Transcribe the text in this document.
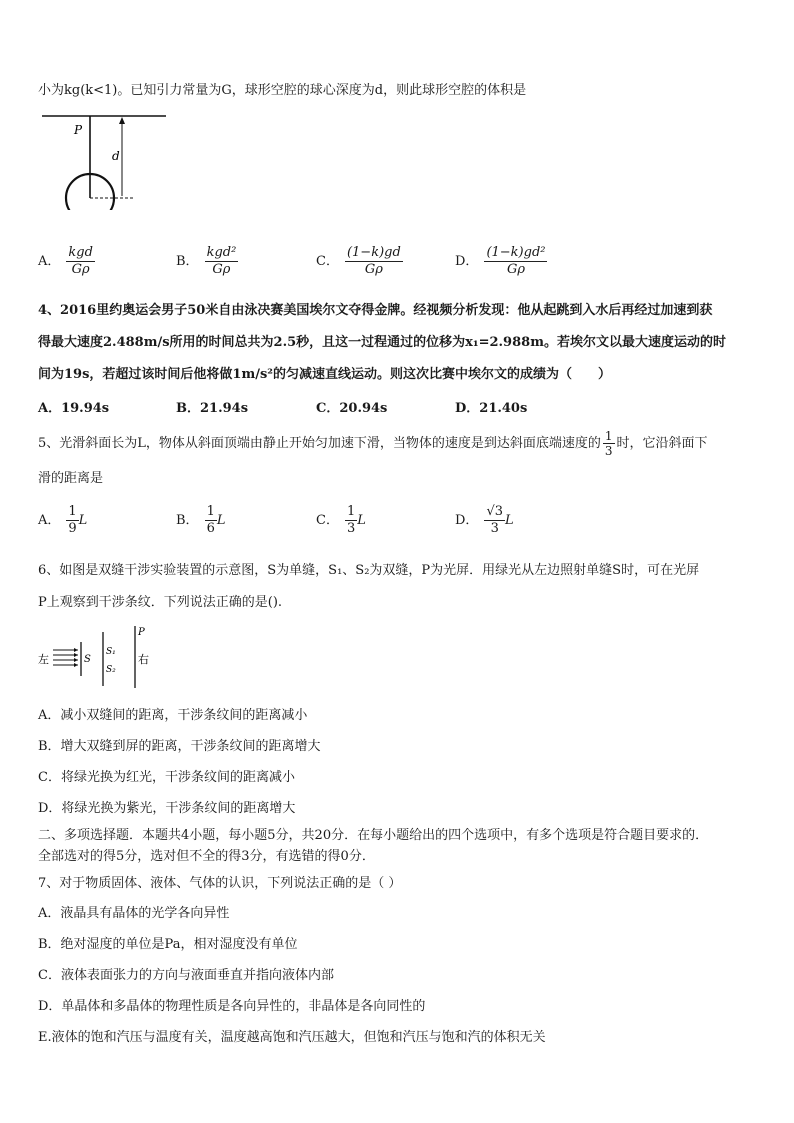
小为kg(k<1)。已知引力常量为G，球形空腔的球心深度为d，则此球形空腔的体积是
P
d
A． $\frac{\text{kgd}}{G\rho}$	B． $\frac{\text{kgd²}}{G\rho}$	C． $\frac{(1-k)gd}{G\rho}$	D． $\frac{\text{(1−k)gd²}}{G\rho}$
4、2016里约奥运会男子50米自由泳决赛美国埃尔文夺得金牌。经视频分析发现：他从起跳到入水后再经过加速到获
得最大速度2.488m/s所用的时间总共为2.5秒，且这一过程通过的位移为x₁=2.988m。若埃尔文以最大速度运动的时
间为19s，若超过该时间后他将做1m/s²的匀减速直线运动。则这次比赛中埃尔文的成绩为（　　）
A．19.94s	B．21.94s	C．20.94s	D．21.40s
5、光滑斜面长为L，物体从斜面顶端由静止开始匀加速下滑，当物体的速度是到达斜面底端速度的 $\frac{1}{3}$ 时，它沿斜面下
滑的距离是
A． $\frac{1}{9}$ L	B． $\frac{1}{6}$ L	C． $\frac{1}{3}$ L	D． $\frac{√3}{3}$ L
6、如图是双缝干涉实验装置的示意图，S为单缝，S₁、S₂为双缝，P为光屏．用绿光从左边照射单缝S时，可在光屏
P上观察到干涉条纹．下列说法正确的是().
左	S
S₁
S₂
P
右
A．减小双缝间的距离，干涉条纹间的距离减小
B．增大双缝到屏的距离，干涉条纹间的距离增大
C．将绿光换为红光，干涉条纹间的距离减小
D．将绿光换为紫光，干涉条纹间的距离增大
二、多项选择题．本题共4小题，每小题5分，共20分．在每小题给出的四个选项中，有多个选项是符合题目要求的．
全部选对的得5分，选对但不全的得3分，有选错的得0分．
7、对于物质固体、液体、气体的认识，下列说法正确的是（ ）
A．液晶具有晶体的光学各向异性
B．绝对湿度的单位是Pa，相对湿度没有单位
C．液体表面张力的方向与液面垂直并指向液体内部
D．单晶体和多晶体的物理性质是各向异性的，非晶体是各向同性的
E.液体的饱和汽压与温度有关，温度越高饱和汽压越大，但饱和汽压与饱和汽的体积无关
